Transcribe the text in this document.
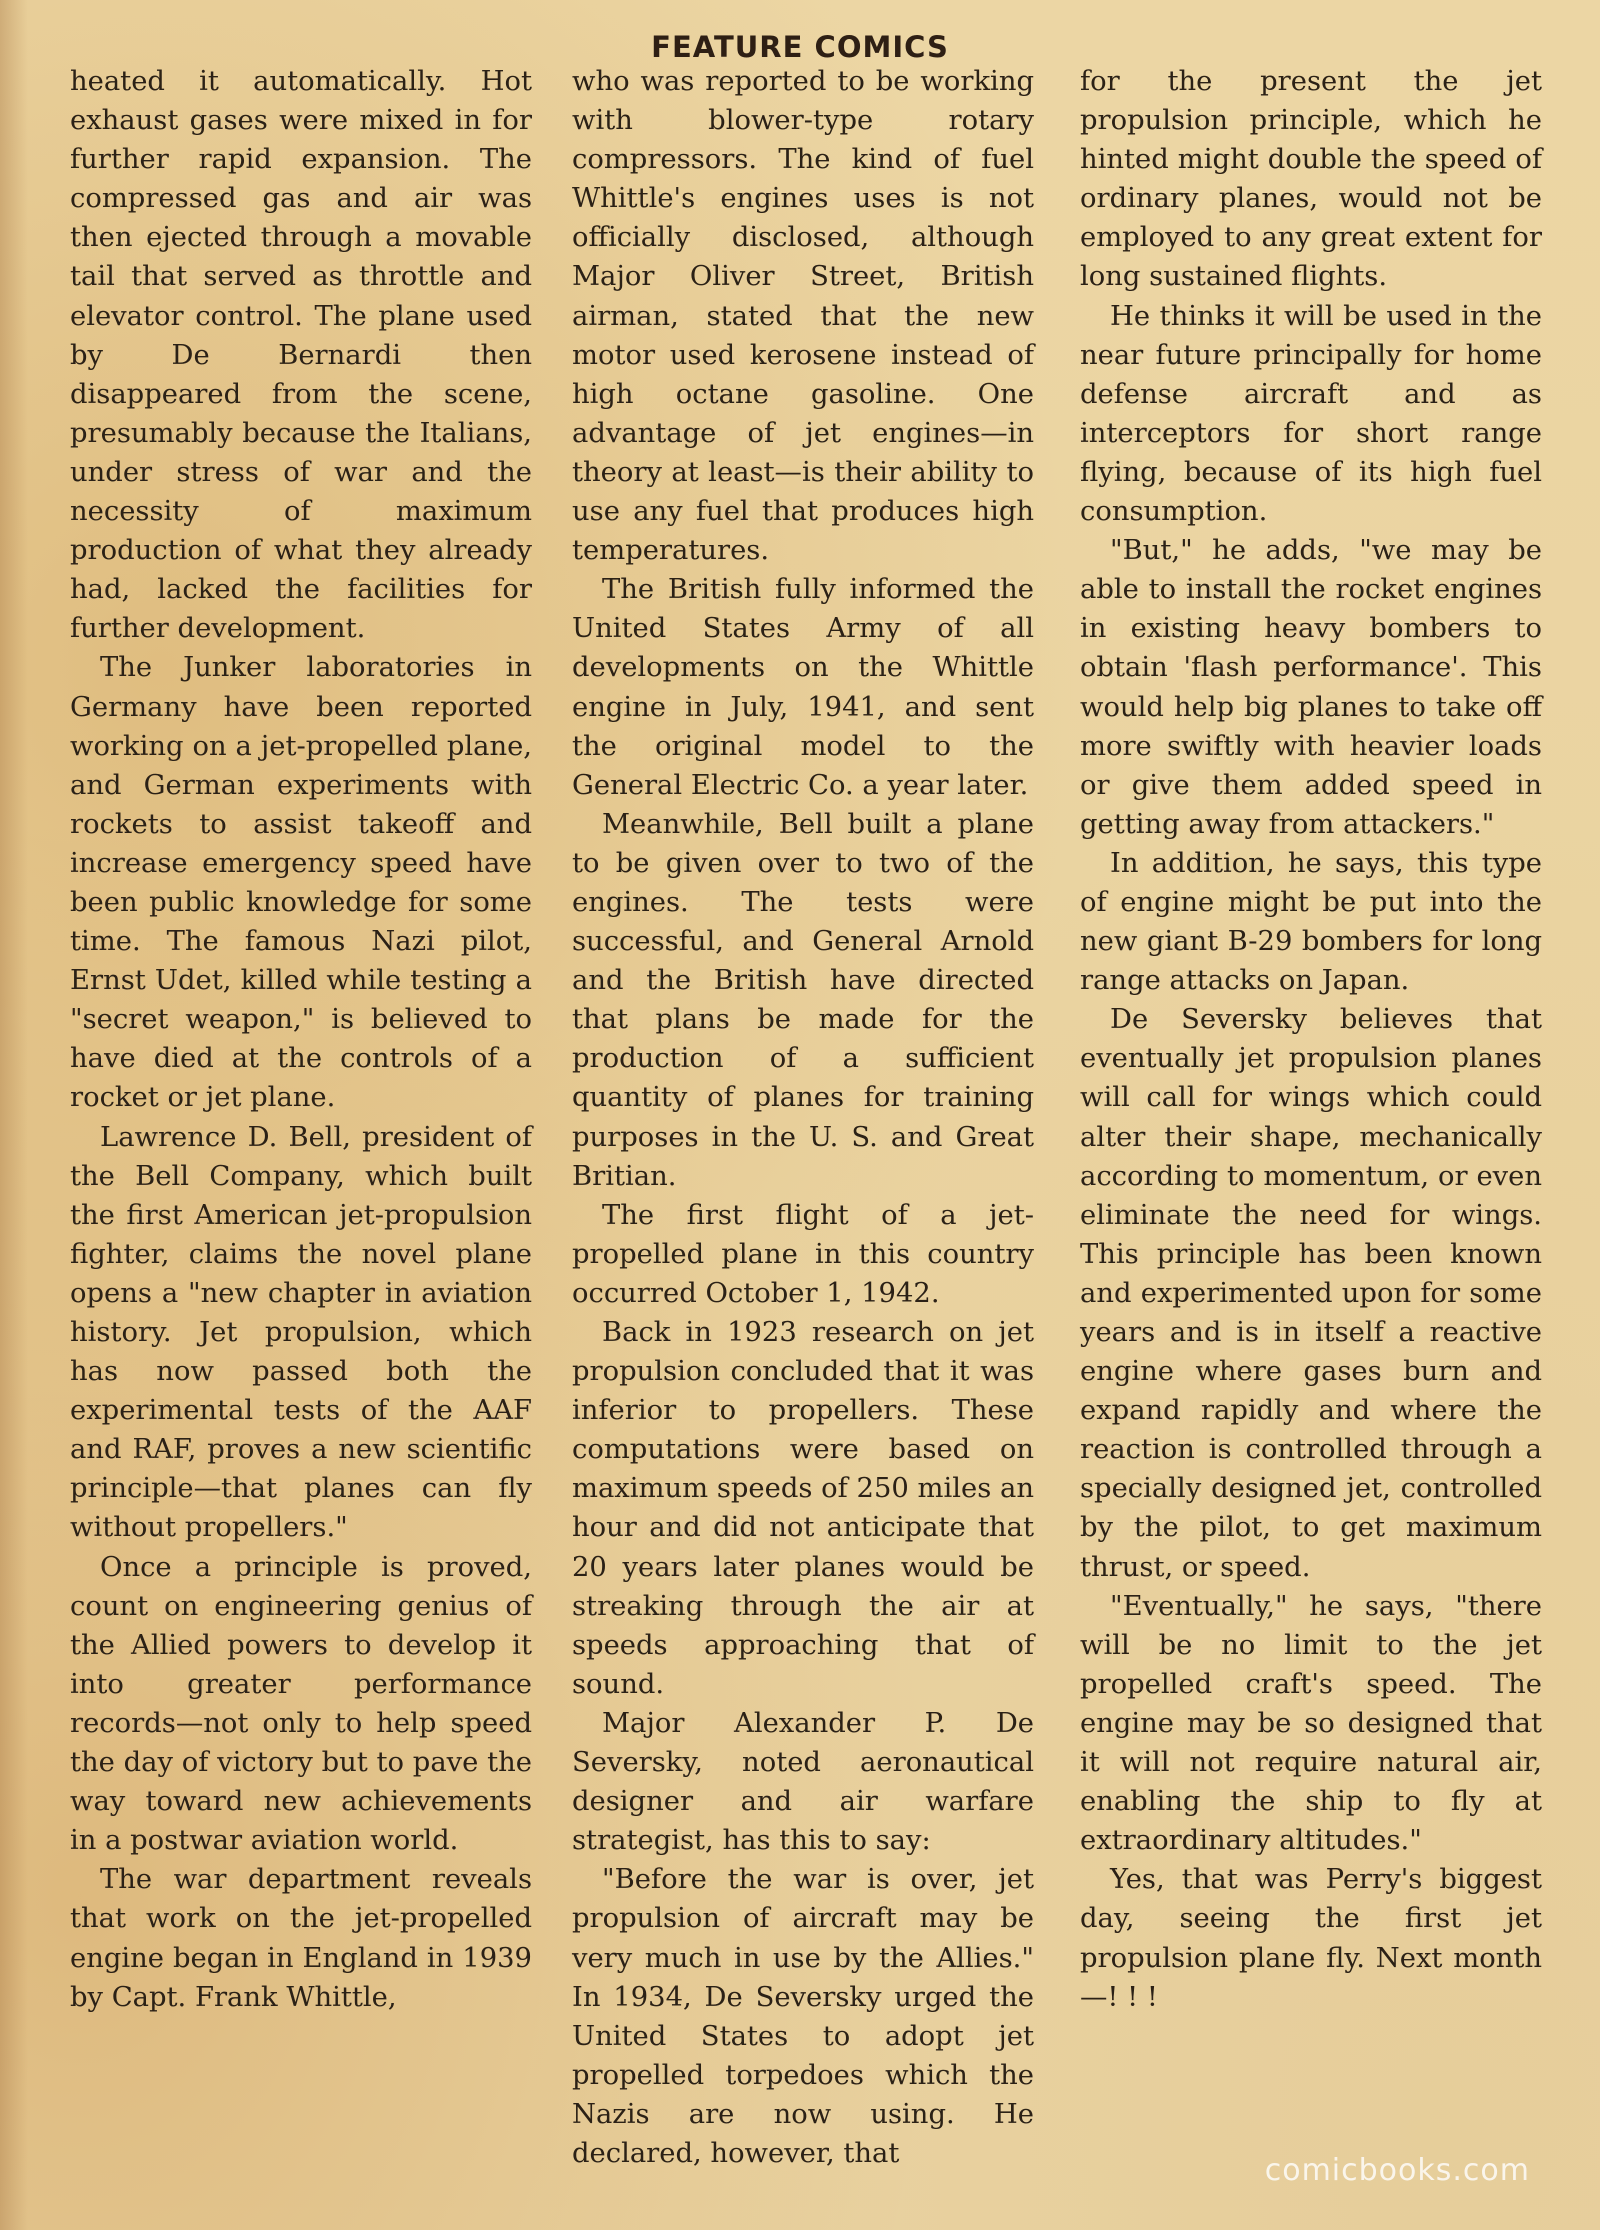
FEATURE COMICS

heated it automatically. Hot exhaust gases were mixed in for further rapid expansion. The compressed gas and air was then ejected through a movable tail that served as throttle and elevator control. The plane used by De Bernardi then disappeared from the scene, presumably because the Italians, under stress of war and the necessity of maximum production of what they already had, lacked the facilities for further development.

The Junker laboratories in Germany have been reported working on a jet-propelled plane, and German experiments with rockets to assist takeoff and increase emergency speed have been public knowledge for some time. The famous Nazi pilot, Ernst Udet, killed while testing a "secret weapon," is believed to have died at the controls of a rocket or jet plane.

Lawrence D. Bell, president of the Bell Company, which built the first American jet-propulsion fighter, claims the novel plane opens a "new chapter in aviation history. Jet propulsion, which has now passed both the experimental tests of the AAF and RAF, proves a new scientific principle—that planes can fly without propellers."

Once a principle is proved, count on engineering genius of the Allied powers to develop it into greater performance records—not only to help speed the day of victory but to pave the way toward new achievements in a postwar aviation world.

The war department reveals that work on the jet-propelled engine began in England in 1939 by Capt. Frank Whittle,

who was reported to be working with blower-type rotary compressors. The kind of fuel Whittle's engines uses is not officially disclosed, although Major Oliver Street, British airman, stated that the new motor used kerosene instead of high octane gasoline. One advantage of jet engines—in theory at least—is their ability to use any fuel that produces high temperatures.

The British fully informed the United States Army of all developments on the Whittle engine in July, 1941, and sent the original model to the General Electric Co. a year later.

Meanwhile, Bell built a plane to be given over to two of the engines. The tests were successful, and General Arnold and the British have directed that plans be made for the production of a sufficient quantity of planes for training purposes in the U. S. and Great Britian.

The first flight of a jet-propelled plane in this country occurred October 1, 1942.

Back in 1923 research on jet propulsion concluded that it was inferior to propellers. These computations were based on maximum speeds of 250 miles an hour and did not anticipate that 20 years later planes would be streaking through the air at speeds approaching that of sound.

Major Alexander P. De Seversky, noted aeronautical designer and air warfare strategist, has this to say:

"Before the war is over, jet propulsion of aircraft may be very much in use by the Allies." In 1934, De Seversky urged the United States to adopt jet propelled torpedoes which the Nazis are now using. He declared, however, that

for the present the jet propulsion principle, which he hinted might double the speed of ordinary planes, would not be employed to any great extent for long sustained flights.

He thinks it will be used in the near future principally for home defense aircraft and as interceptors for short range flying, because of its high fuel consumption.

"But," he adds, "we may be able to install the rocket engines in existing heavy bombers to obtain 'flash performance'. This would help big planes to take off more swiftly with heavier loads or give them added speed in getting away from attackers."

In addition, he says, this type of engine might be put into the new giant B-29 bombers for long range attacks on Japan.

De Seversky believes that eventually jet propulsion planes will call for wings which could alter their shape, mechanically according to momentum, or even eliminate the need for wings. This principle has been known and experimented upon for some years and is in itself a reactive engine where gases burn and expand rapidly and where the reaction is controlled through a specially designed jet, controlled by the pilot, to get maximum thrust, or speed.

"Eventually," he says, "there will be no limit to the jet propelled craft's speed. The engine may be so designed that it will not require natural air, enabling the ship to fly at extraordinary altitudes."

Yes, that was Perry's biggest day, seeing the first jet propulsion plane fly. Next month—! ! !

comicbooks.com
